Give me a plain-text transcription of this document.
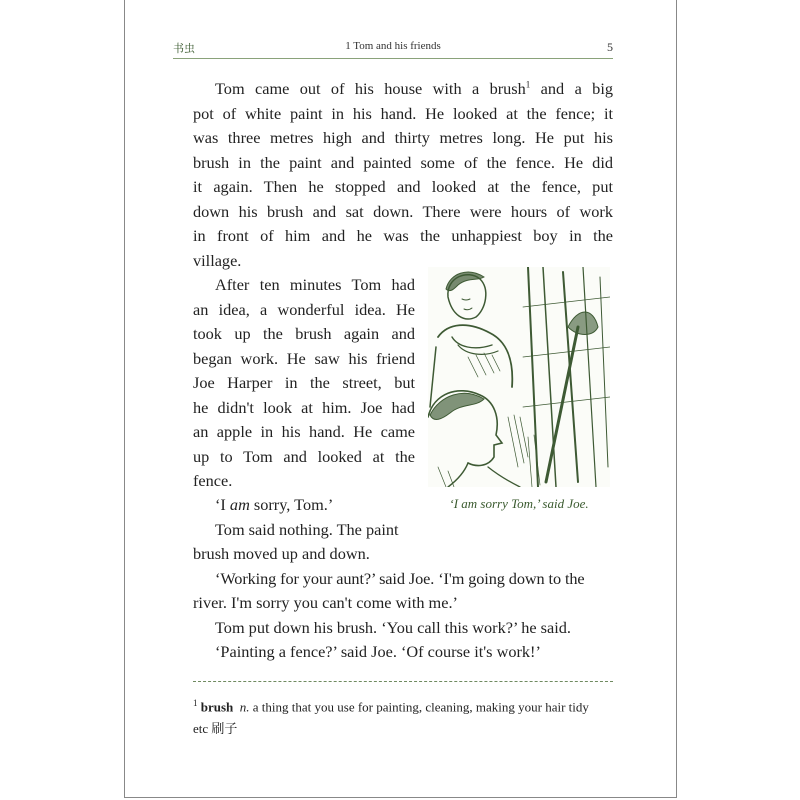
书虫	1 Tom and his friends	5
Tom came out of his house with a brush$^1$ and a big
pot of white paint in his hand. He looked at the fence; it
was three metres high and thirty metres long. He put his
brush in the paint and painted some of the fence. He did
it again. Then he stopped and looked at the fence, put
down his brush and sat down. There were hours of work
in front of him and he was the unhappiest boy in the
village.
After ten minutes Tom had
an idea, a wonderful idea. He
took up the brush again and
began work. He saw his friend
Joe Harper in the street, but
he didn't look at him. Joe had
an apple in his hand. He came
up to Tom and looked at the
fence.
‘I am sorry Tom,’ said Joe.
‘I am sorry, Tom.’
Tom said nothing. The paint
brush moved up and down.
‘Working for your aunt?’ said Joe. ‘I'm going down to the
river. I'm sorry you can't come with me.’
Tom put down his brush. ‘You call this work?’ he said.
‘Painting a fence?’ said Joe. ‘Of course it's work!’
$^1$ brush n. a thing that you use for painting, cleaning, making your hair tidy
etc 刷子
